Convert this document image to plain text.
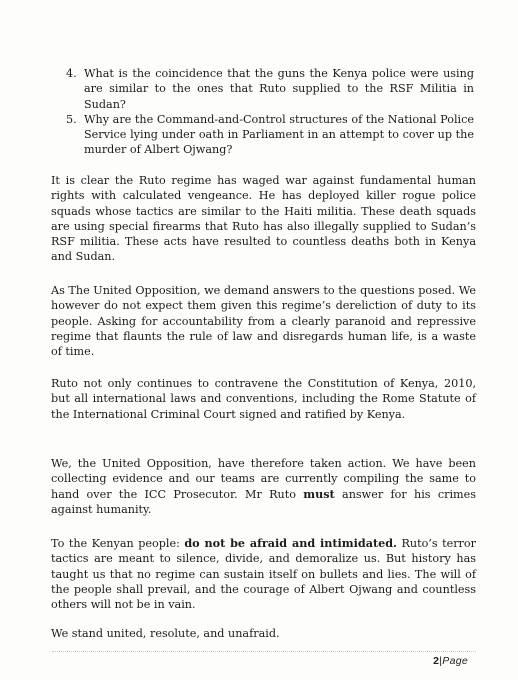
4. What is the coincidence that the guns the Kenya police were using are similar to the ones that Ruto supplied to the RSF Militia in Sudan?
5. Why are the Command-and-Control structures of the National Police Service lying under oath in Parliament in an attempt to cover up the murder of Albert Ojwang?

It is clear the Ruto regime has waged war against fundamental human rights with calculated vengeance. He has deployed killer rogue police squads whose tactics are similar to the Haiti militia. These death squads are using special firearms that Ruto has also illegally supplied to Sudan’s RSF militia. These acts have resulted to countless deaths both in Kenya and Sudan.

As The United Opposition, we demand answers to the questions posed. We however do not expect them given this regime’s dereliction of duty to its people. Asking for accountability from a clearly paranoid and repressive regime that flaunts the rule of law and disregards human life, is a waste of time.

Ruto not only continues to contravene the Constitution of Kenya, 2010, but all international laws and conventions, including the Rome Statute of the International Criminal Court signed and ratified by Kenya.

We, the United Opposition, have therefore taken action. We have been collecting evidence and our teams are currently compiling the same to hand over the ICC Prosecutor. Mr Ruto must answer for his crimes against humanity.

To the Kenyan people: do not be afraid and intimidated. Ruto’s terror tactics are meant to silence, divide, and demoralize us. But history has taught us that no regime can sustain itself on bullets and lies. The will of the people shall prevail, and the courage of Albert Ojwang and countless others will not be in vain.

We stand united, resolute, and unafraid.

2|Page
